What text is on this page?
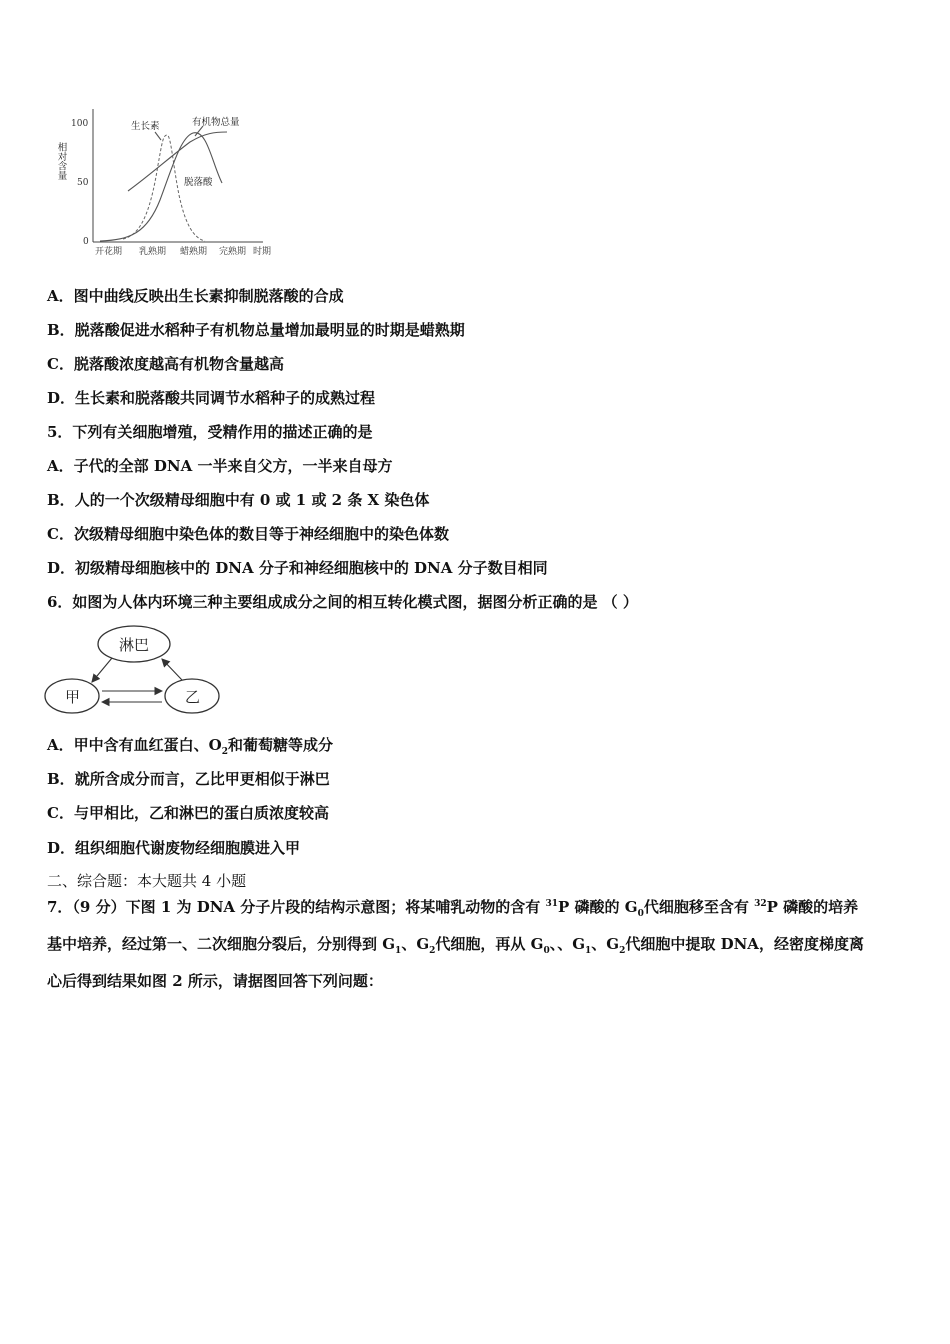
相对含量
100
50
0
开花期 乳熟期 蜡熟期 完熟期 时期
生长素	有机物总量
脱落酸
A．图中曲线反映出生长素抑制脱落酸的合成
B．脱落酸促进水稻种子有机物总量增加最明显的时期是蜡熟期
C．脱落酸浓度越高有机物含量越高
D．生长素和脱落酸共同调节水稻种子的成熟过程
5．下列有关细胞增殖，受精作用的描述正确的是
A．子代的全部 DNA 一半来自父方，一半来自母方
B．人的一个次级精母细胞中有 0 或 1 或 2 条 X 染色体
C．次级精母细胞中染色体的数目等于神经细胞中的染色体数
D．初级精母细胞核中的 DNA 分子和神经细胞核中的 DNA 分子数目相同
6．如图为人体内环境三种主要组成成分之间的相互转化模式图，据图分析正确的是 （ ）
淋巴
甲	乙
A．甲中含有血红蛋白、$O_2$和葡萄糖等成分
B．就所含成分而言，乙比甲更相似于淋巴
C．与甲相比，乙和淋巴的蛋白质浓度较高
D．组织细胞代谢废物经细胞膜进入甲
二、综合题：本大题共 4 小题
7．（9 分）下图 1 为 DNA 分子片段的结构示意图；将某哺乳动物的含有 $^{31}$P 磷酸的 $G_0$代细胞移至含有 $^{32}$P 磷酸的培养
基中培养，经过第一、二次细胞分裂后，分别得到 $G_1$、$G_2$代细胞，再从 $G_0$、、$G_1$、$G_2$代细胞中提取 DNA，经密度梯度离
心后得到结果如图 2 所示，请据图回答下列问题：
